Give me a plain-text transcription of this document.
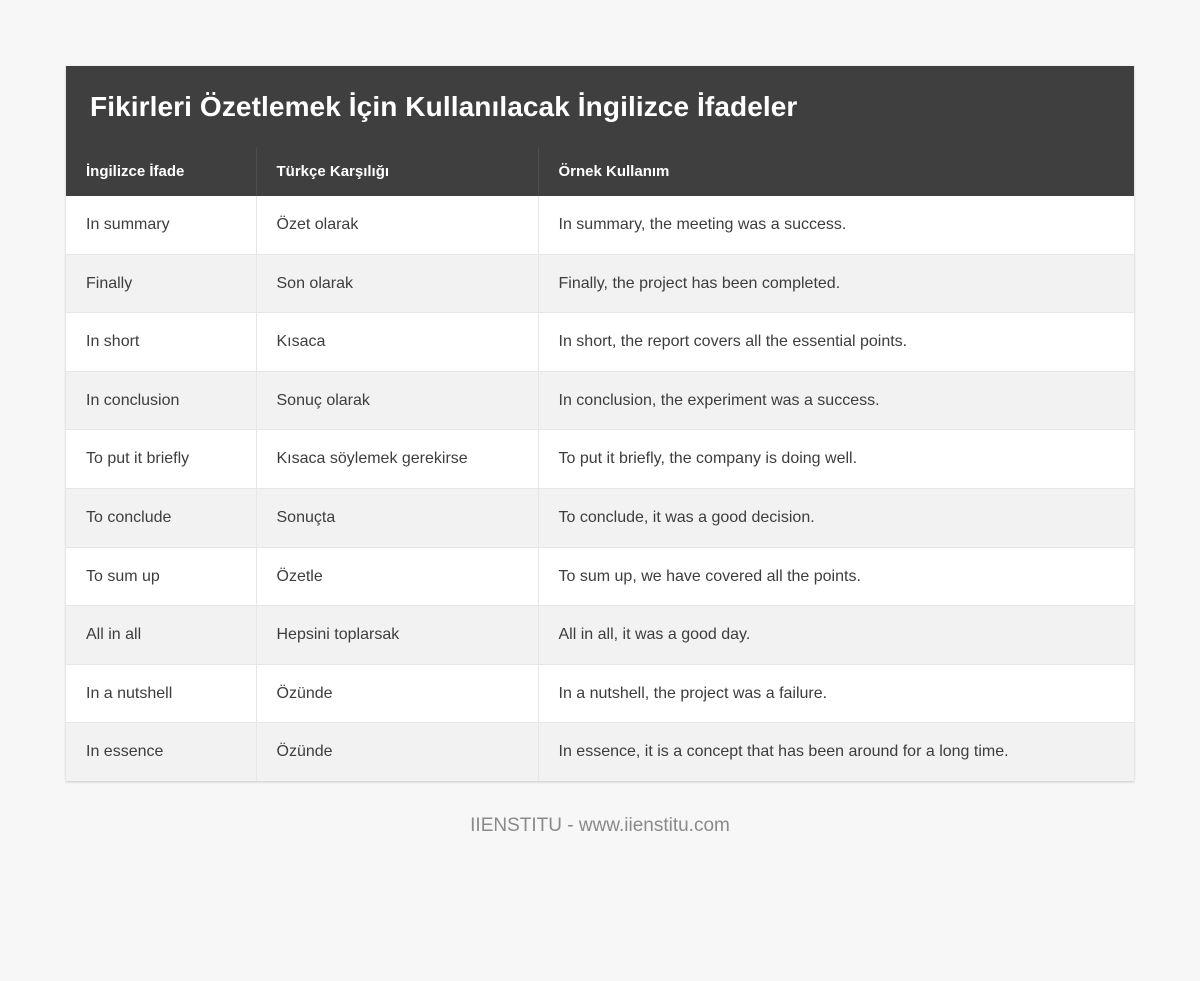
Fikirleri Özetlemek İçin Kullanılacak İngilizce İfadeler
İngilizce İfade	Türkçe Karşılığı	Örnek Kullanım
In summary	Özet olarak	In summary, the meeting was a success.
Finally	Son olarak	Finally, the project has been completed.
In short	Kısaca	In short, the report covers all the essential points.
In conclusion	Sonuç olarak	In conclusion, the experiment was a success.
To put it briefly	Kısaca söylemek gerekirse	To put it briefly, the company is doing well.
To conclude	Sonuçta	To conclude, it was a good decision.
To sum up	Özetle	To sum up, we have covered all the points.
All in all	Hepsini toplarsak	All in all, it was a good day.
In a nutshell	Özünde	In a nutshell, the project was a failure.
In essence	Özünde	In essence, it is a concept that has been around for a long time.
IIENSTITU - www.iienstitu.com
